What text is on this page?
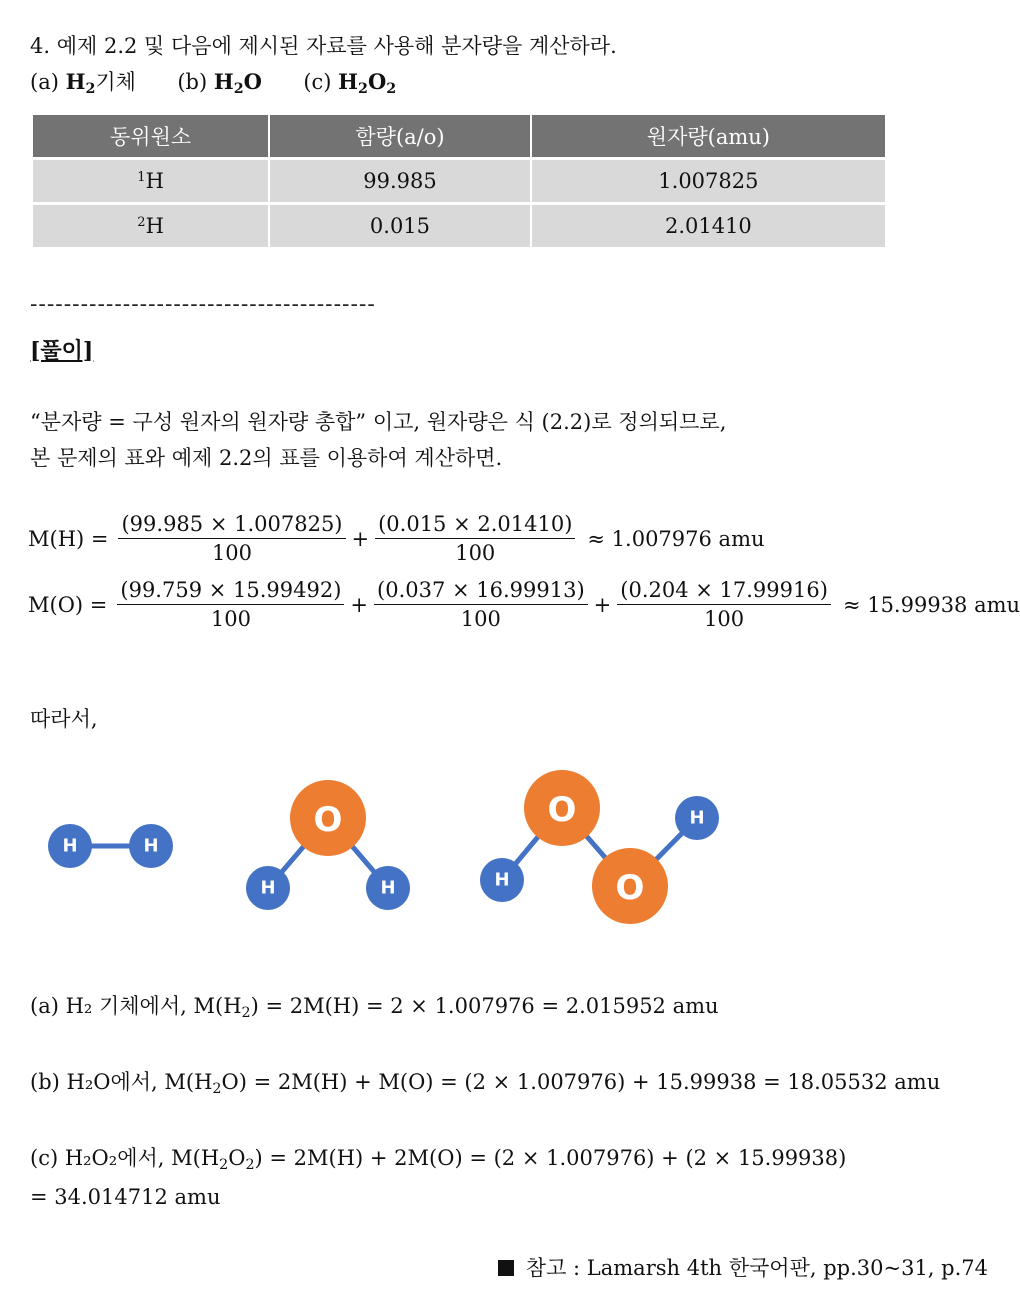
4. 예제 2.2 및 다음에 제시된 자료를 사용해 분자량을 계산하라.
(a) $H_2$기체 (b) $H_2O$ (c) $H_2O_2$
동위원소	함량(a/o)	원자량(amu)
$^1$H	99.985	1.007825
$^2$H	0.015	2.01410
-----------------------------------------
[풀이]
“분자량 = 구성 원자의 원자량 총합” 이고, 원자량은 식 (2.2)로 정의되므로,
본 문제의 표와 예제 2.2의 표를 이용하여 계산하면.
$M(H) = \frac{(99.985 \times 1.007825)}{100} + \frac{(0.015 \times 2.01410)}{100} \approx 1.007976$ amu
$M(O) = \frac{(99.759 \times 15.99492)}{100} + \frac{(0.037 \times 16.99913)}{100} + \frac{(0.204 \times 17.99916)}{100} \approx 15.99938$ amu
따라서,
H	H
O
H	H
O
O
H
H
(a) H₂ 기체에서, $M(H_2) = 2M(H) = 2 \times 1.007976 = 2.015952$ amu
(b) H₂O에서, $M(H_2O) = 2M(H) + M(O) = (2 \times 1.007976) + 15.99938 = 18.05532$ amu
(c) H₂O₂에서, $M(H_2O_2) = 2M(H) + 2M(O) = (2 \times 1.007976) + (2 \times 15.99938)$
= 34.014712 amu
참고 : Lamarsh 4th 한국어판, pp.30~31, p.74
